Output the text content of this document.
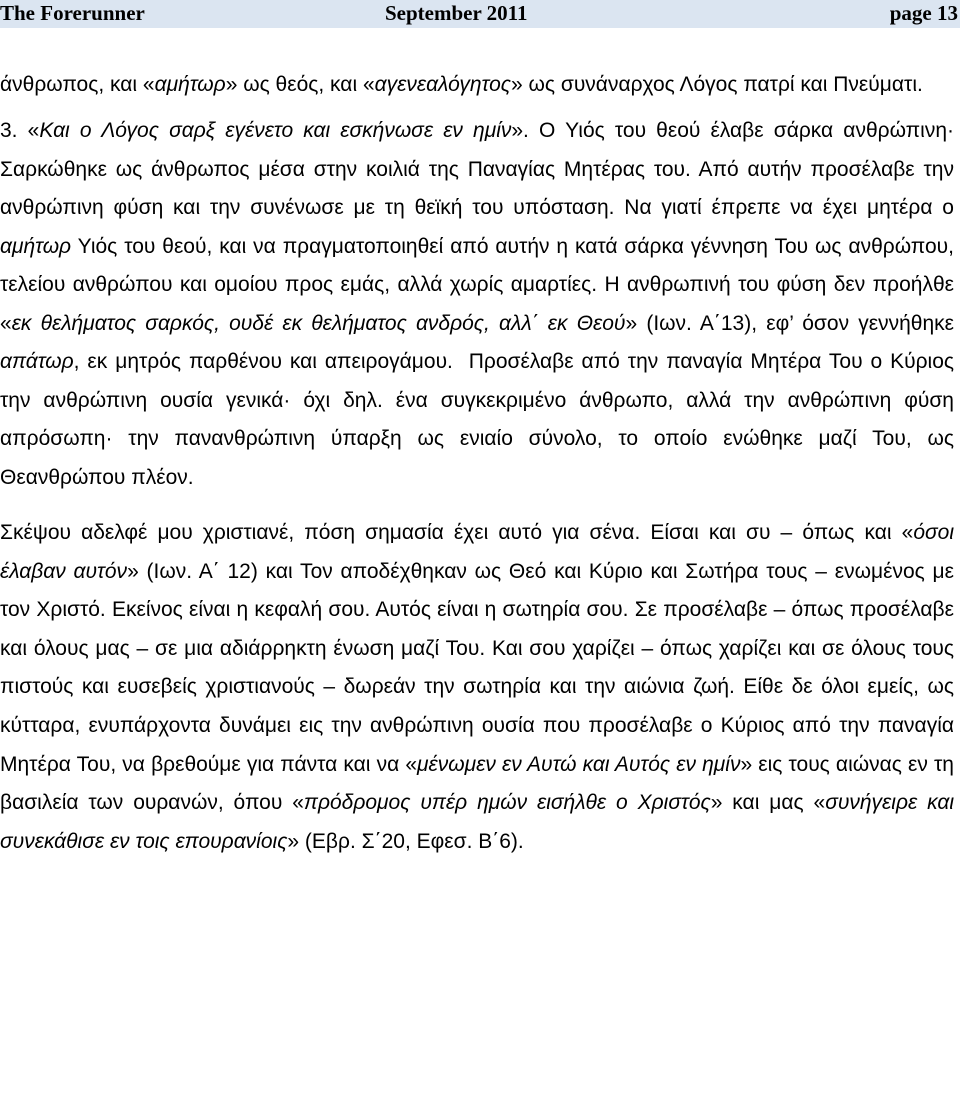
The Forerunner	September 2011	page 13

άνθρωπος, και «αμήτωρ» ως θεός, και «αγενεαλόγητος» ως συνάναρχος Λόγος πατρί και Πνεύματι.

3. «Και ο Λόγος σαρξ εγένετο και εσκήνωσε εν ημίν». Ο Υιός του θεού έλαβε σάρκα ανθρώπινη· Σαρκώθηκε ως άνθρωπος μέσα στην κοιλιά της Παναγίας Μητέρας του. Από αυτήν προσέλαβε την ανθρώπινη φύση και την συνένωσε με τη θεϊκή του υπόσταση. Να γιατί έπρεπε να έχει μητέρα ο αμήτωρ Υιός του θεού, και να πραγματοποιηθεί από αυτήν η κατά σάρκα γέννηση Του ως ανθρώπου, τελείου ανθρώπου και ομοίου προς εμάς, αλλά χωρίς αμαρτίες. Η ανθρωπινή του φύση δεν προήλθε «εκ θελήματος σαρκός, ουδέ εκ θελήματος ανδρός, αλλ΄ εκ Θεού» (Ιων. Α΄13), εφ’ όσον γεννήθηκε απάτωρ, εκ μητρός παρθένου και απειρογάμου.  Προσέλαβε από την παναγία Μητέρα Του ο Κύριος την ανθρώπινη ουσία γενικά· όχι δηλ. ένα συγκεκριμένο άνθρωπο, αλλά την ανθρώπινη φύση απρόσωπη· την πανανθρώπινη ύπαρξη ως ενιαίο σύνολο, το οποίο ενώθηκε μαζί Του, ως Θεανθρώπου πλέον.

Σκέψου αδελφέ μου χριστιανέ, πόση σημασία έχει αυτό για σένα. Είσαι και συ – όπως και «όσοι έλαβαν αυτόν» (Ιων. Α΄ 12) και Τον αποδέχθηκαν ως Θεό και Κύριο και Σωτήρα τους – ενωμένος με τον Χριστό. Εκείνος είναι η κεφαλή σου. Αυτός είναι η σωτηρία σου. Σε προσέλαβε – όπως προσέλαβε και όλους μας – σε μια αδιάρρηκτη ένωση μαζί Του. Και σου χαρίζει – όπως χαρίζει και σε όλους τους πιστούς και ευσεβείς χριστιανούς – δωρεάν την σωτηρία και την αιώνια ζωή. Είθε δε όλοι εμείς, ως κύτταρα, ενυπάρχοντα δυνάμει εις την ανθρώπινη ουσία που προσέλαβε ο Κύριος από την παναγία Μητέρα Του, να βρεθούμε για πάντα και να «μένωμεν εν Αυτώ και Αυτός εν ημίν» εις τους αιώνας εν τη βασιλεία των ουρανών, όπου «πρόδρομος υπέρ ημών εισήλθε ο Χριστός» και μας «συνήγειρε και συνεκάθισε εν τοις επουρανίοις» (Εβρ. Σ΄20, Εφεσ. Β΄6).
